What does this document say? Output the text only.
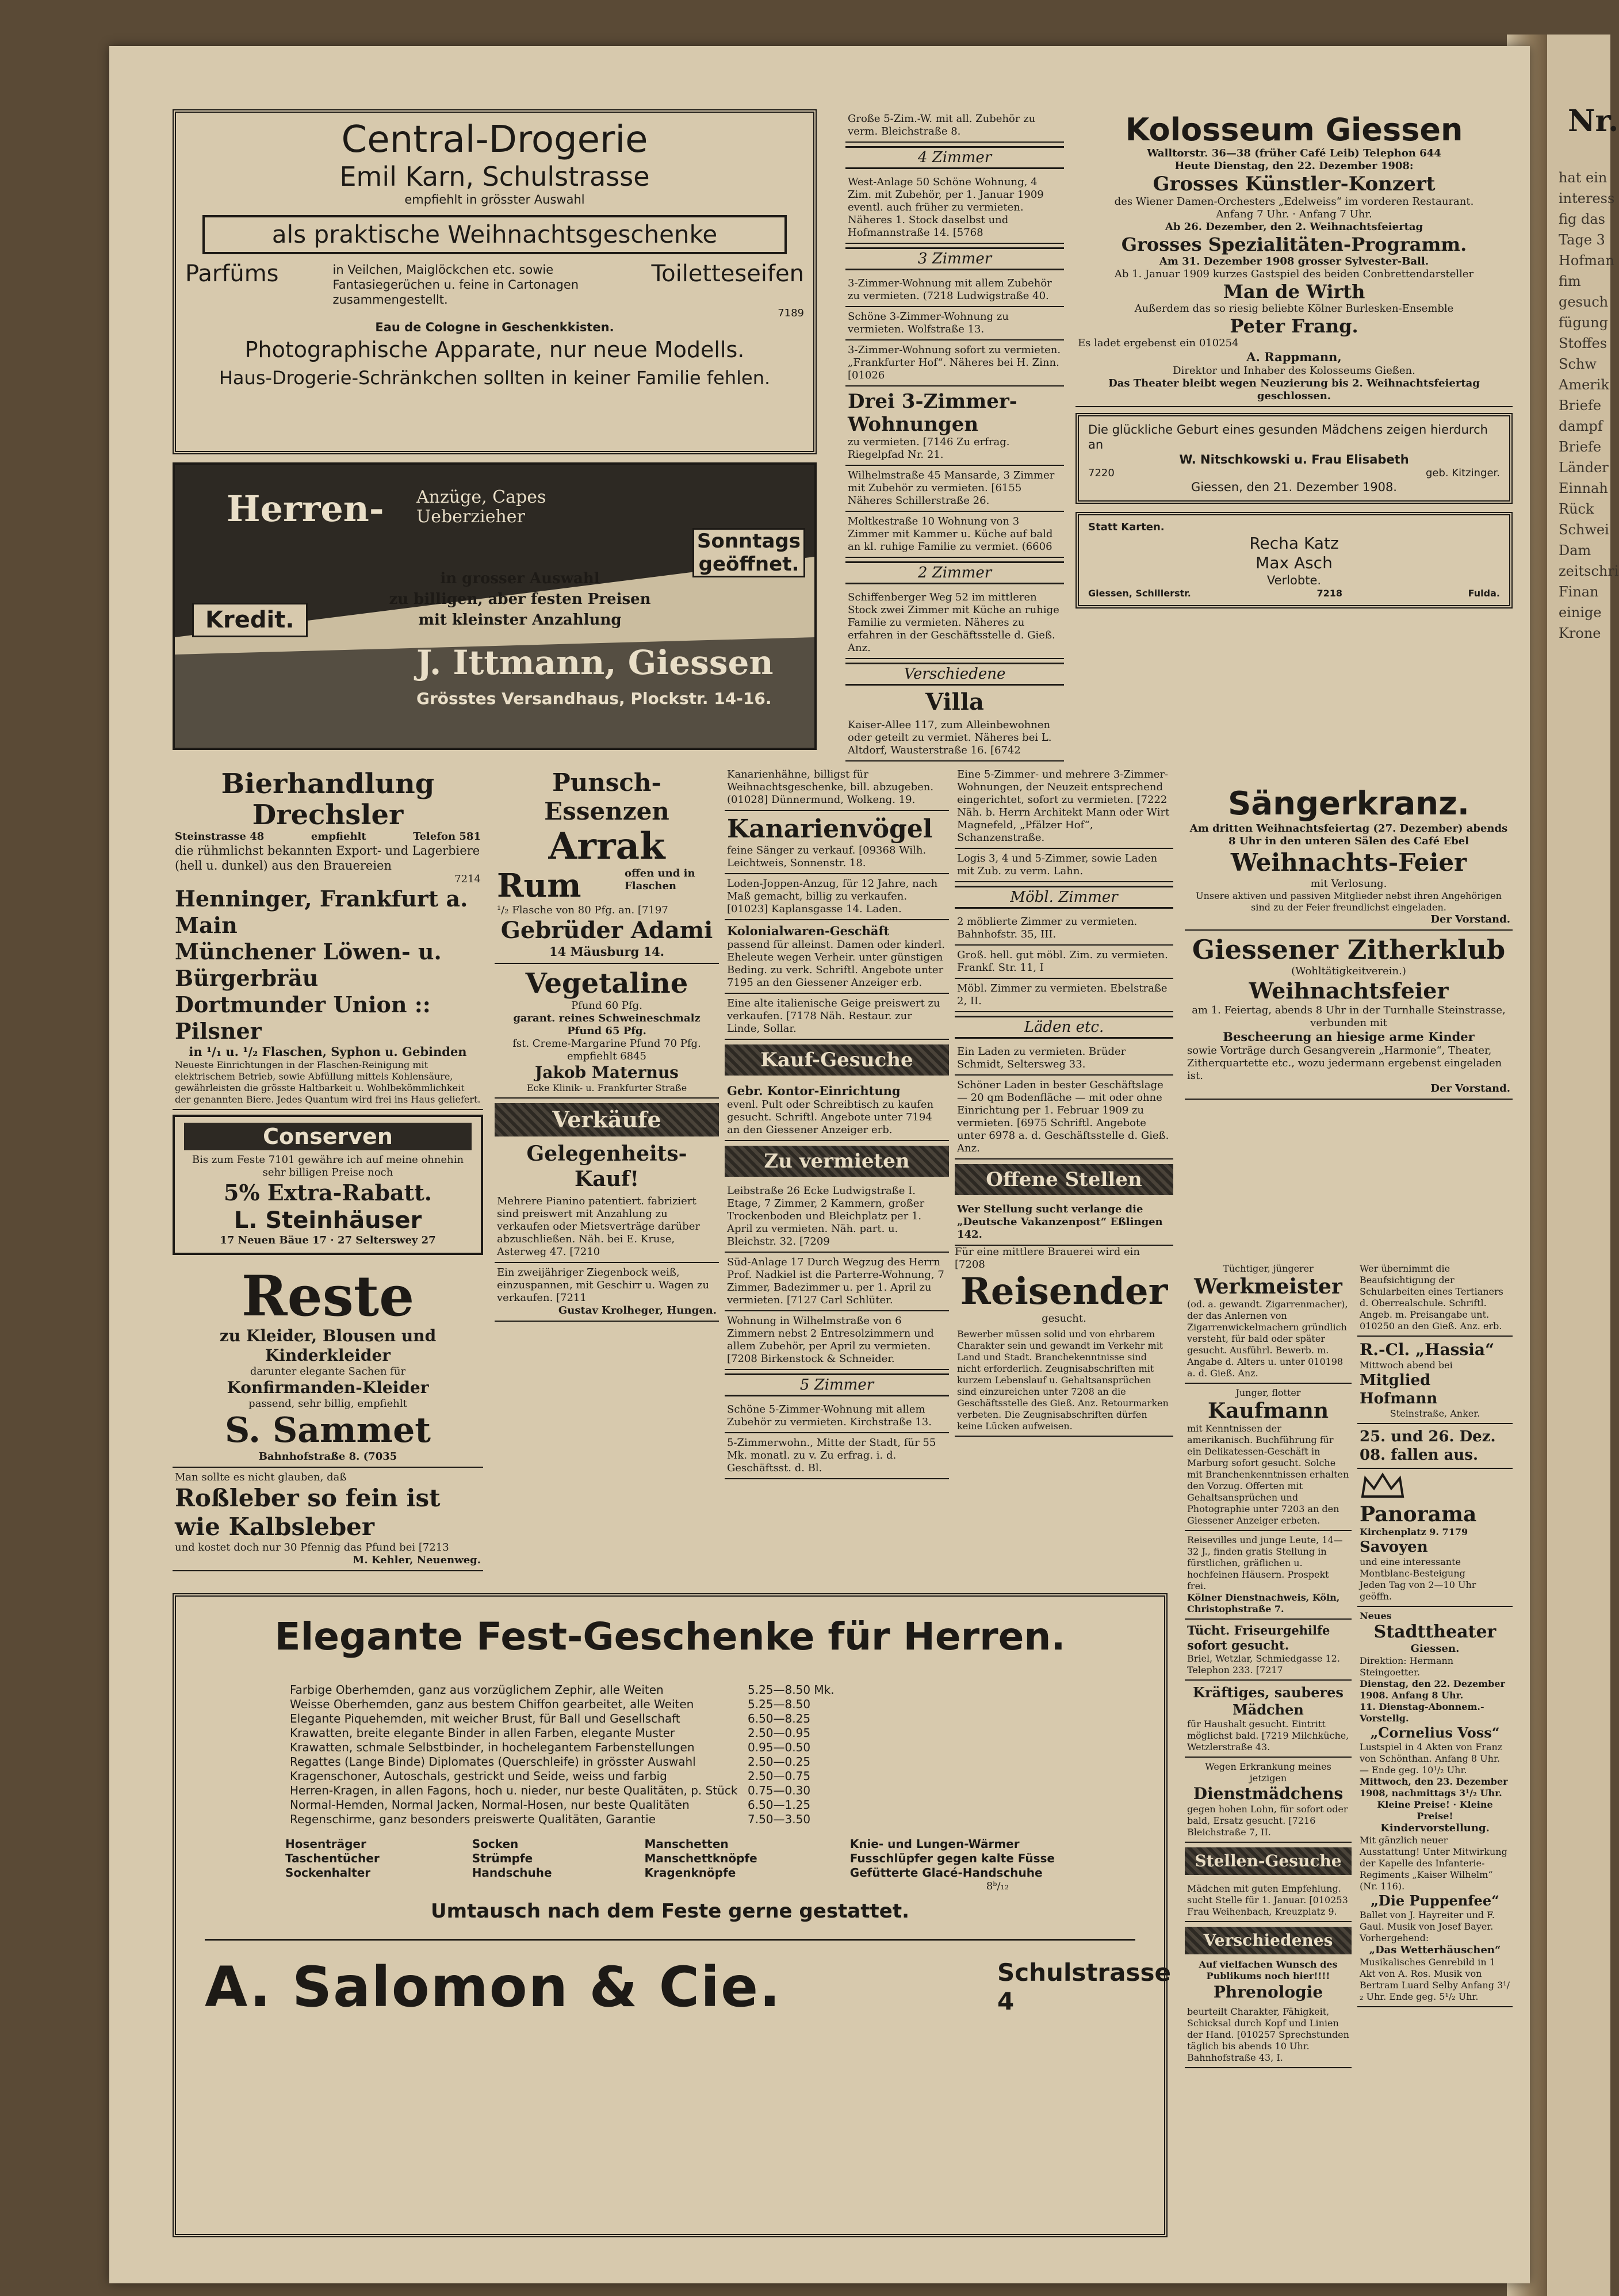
Nr.
hat ein
interess
fig das
Tage 3
Hofman
fim
gesuch
fügung
Stoffes
Schw
Amerik
Briefe
dampf
Briefe
Länder
Einnah
Rück
Schwei
Dam
zeitschri
Finan
einige
Krone
Central-Drogerie
Emil Karn, Schulstrasse
empfiehlt in grösster Auswahl
als praktische Weihnachtsgeschenke
Parfüms	in Veilchen, Maiglöckchen etc. sowie Fantasiegerüchen u. feine in Cartonagen zusammengestellt.
Toiletteseifen
7189
Eau de Cologne in Geschenkkisten.
Photographische Apparate, nur neue Modells.
Haus-Drogerie-Schränkchen sollten in keiner Familie fehlen.
Herren- Anzüge, Capes Ueberzieher
Sonntags geöffnet.
in grosser Auswahl
zu billigen, aber festen Preisen
mit kleinster Anzahlung
Kredit.
J. Ittmann, Giessen
Grösstes Versandhaus, Plockstr. 14-16.
Bierhandlung Drechsler
Steinstrasse 48	empfiehlt	Telefon 581
die rühmlichst bekannten Export- und Lagerbiere (hell u. dunkel) aus den Brauereien
7214
Henninger, Frankfurt a. Main
Münchener Löwen- u. Bürgerbräu
Dortmunder Union :: Pilsner
in ¹/₁ u. ¹/₂ Flaschen, Syphon u. Gebinden
Neueste Einrichtungen in der Flaschen-Reinigung mit elektrischem Betrieb, sowie Abfüllung mittels Kohlensäure, gewährleisten die grösste Haltbarkeit u. Wohlbekömmlichkeit der genannten Biere. Jedes Quantum wird frei ins Haus geliefert.
Conserven
Bis zum Feste 7101 gewähre ich auf meine ohnehin sehr billigen Preise noch
5% Extra-Rabatt.
L. Steinhäuser
17 Neuen Bäue 17 · 27 Selterswey 27
Reste
zu Kleider, Blousen und Kinderkleider
darunter elegante Sachen für
Konfirmanden-Kleider
passend, sehr billig, empfiehlt
S. Sammet
Bahnhofstraße 8. (7035
Man sollte es nicht glauben, daß
Roßleber so fein ist wie Kalbsleber
und kostet doch nur 30 Pfennig das Pfund bei [7213
M. Kehler, Neuenweg.
Punsch-Essenzen
Arrak
Rum	offen und in Flaschen
¹/₂ Flasche von 80 Pfg. an. [7197
Gebrüder Adami
14 Mäusburg 14.
Vegetaline
Pfund 60 Pfg.
garant. reines Schweineschmalz Pfund 65 Pfg.
fst. Creme-Margarine Pfund 70 Pfg.
empfiehlt 6845
Jakob Maternus
Ecke Klinik- u. Frankfurter Straße
Verkäufe
Gelegenheits-Kauf!
Mehrere Pianino patentiert. fabriziert sind preiswert mit Anzahlung zu verkaufen oder Mietsverträge darüber abzuschließen. Näh. bei E. Kruse, Asterweg 47. [7210
Ein zweijähriger Ziegenbock weiß, einzuspannen, mit Geschirr u. Wagen zu verkaufen. [7211
Gustav Krolheger, Hungen.
Kanarienhähne, billigst für Weihnachtsgeschenke, bill. abzugeben. (01028] Dünnermund, Wolkeng. 19.
Kanarienvögel
feine Sänger zu verkauf. [09368 Wilh. Leichtweis, Sonnenstr. 18.
Loden-Joppen-Anzug, für 12 Jahre, nach Maß gemacht, billig zu verkaufen. [01023] Kaplansgasse 14. Laden.
Kolonialwaren-Geschäft
passend für alleinst. Damen oder kinderl. Eheleute wegen Verheir. unter günstigen Beding. zu verk. Schriftl. Angebote unter 7195 an den Giessener Anzeiger erb.
Eine alte italienische Geige preiswert zu verkaufen. [7178 Näh. Restaur. zur Linde, Sollar.
Kauf-Gesuche
Gebr. Kontor-Einrichtung
evenl. Pult oder Schreibtisch zu kaufen gesucht. Schriftl. Angebote unter 7194 an den Giessener Anzeiger erb.
Zu vermieten
Leibstraße 26 Ecke Ludwigstraße I. Etage, 7 Zimmer, 2 Kammern, großer Trockenboden und Bleichplatz per 1. April zu vermieten. Näh. part. u. Bleichstr. 32. [7209
Süd-Anlage 17 Durch Wegzug des Herrn Prof. Nadkiel ist die Parterre-Wohnung, 7 Zimmer, Badezimmer u. per 1. April zu vermieten. [7127 Carl Schlüter.
Wohnung in Wilhelmstraße von 6 Zimmern nebst 2 Entresolzimmern und allem Zubehör, per April zu vermieten. [7208 Birkenstock & Schneider.
5 Zimmer
Schöne 5-Zimmer-Wohnung mit allem Zubehör zu vermieten. Kirchstraße 13.
5-Zimmerwohn., Mitte der Stadt, für 55 Mk. monatl. zu v. Zu erfrag. i. d. Geschäftsst. d. Bl.
Große 5-Zim.-W. mit all. Zubehör zu verm. Bleichstraße 8.
4 Zimmer
West-Anlage 50 Schöne Wohnung, 4 Zim. mit Zubehör, per 1. Januar 1909 eventl. auch früher zu vermieten. Näheres 1. Stock daselbst und Hofmannstraße 14. [5768
3 Zimmer
3-Zimmer-Wohnung mit allem Zubehör zu vermieten. (7218 Ludwigstraße 40.
Schöne 3-Zimmer-Wohnung zu vermieten. Wolfstraße 13.
3-Zimmer-Wohnung sofort zu vermieten. „Frankfurter Hof“. Näheres bei H. Zinn. [01026
Drei 3-Zimmer-Wohnungen
zu vermieten. [7146 Zu erfrag. Riegelpfad Nr. 21.
Wilhelmstraße 45 Mansarde, 3 Zimmer mit Zubehör zu vermieten. [6155 Näheres Schillerstraße 26.
Moltkestraße 10 Wohnung von 3 Zimmer mit Kammer u. Küche auf bald an kl. ruhige Familie zu vermiet. (6606
2 Zimmer
Schiffenberger Weg 52 im mittleren Stock zwei Zimmer mit Küche an ruhige Familie zu vermieten. Näheres zu erfahren in der Geschäftsstelle d. Gieß. Anz.
Verschiedene
Villa
Kaiser-Allee 117, zum Alleinbewohnen oder geteilt zu vermiet. Näheres bei L. Altdorf, Wausterstraße 16. [6742
Eine 5-Zimmer- und mehrere 3-Zimmer-Wohnungen, der Neuzeit entsprechend eingerichtet, sofort zu vermieten. [7222 Näh. b. Herrn Architekt Mann oder Wirt Magnefeld, „Pfälzer Hof“, Schanzenstraße.
Logis 3, 4 und 5-Zimmer, sowie Laden mit Zub. zu verm. Lahn.
Möbl. Zimmer
2 möblierte Zimmer zu vermieten. Bahnhofstr. 35, III.
Groß. hell. gut möbl. Zim. zu vermieten. Frankf. Str. 11, I
Möbl. Zimmer zu vermieten. Ebelstraße 2, II.
Läden etc.
Ein Laden zu vermieten. Brüder Schmidt, Seltersweg 33.
Schöner Laden in bester Geschäftslage — 20 qm Bodenfläche — mit oder ohne Einrichtung per 1. Februar 1909 zu vermieten. [6975 Schriftl. Angebote unter 6978 a. d. Geschäftsstelle d. Gieß. Anz.
Offene Stellen
Wer Stellung sucht verlange die „Deutsche Vakanzenpost“ Eßlingen 142.
Für eine mittlere Brauerei wird ein [7208
Reisender
gesucht.
Bewerber müssen solid und von ehrbarem Charakter sein und gewandt im Verkehr mit Land und Stadt. Branchekenntnisse sind nicht erforderlich. Zeugnisabschriften mit kurzem Lebenslauf u. Gehaltsansprüchen sind einzureichen unter 7208 an die Geschäftsstelle des Gieß. Anz. Retourmarken verbeten. Die Zeugnisabschriften dürfen keine Lücken aufweisen.
Kolosseum Giessen
Walltorstr. 36—38 (früher Café Leib) Telephon 644
Heute Dienstag, den 22. Dezember 1908:
Grosses Künstler-Konzert
des Wiener Damen-Orchesters „Edelweiss“ im vorderen Restaurant.
Anfang 7 Uhr. · Anfang 7 Uhr.
Ab 26. Dezember, den 2. Weihnachtsfeiertag
Grosses Spezialitäten-Programm.
Am 31. Dezember 1908 grosser Sylvester-Ball.
Ab 1. Januar 1909 kurzes Gastspiel des beiden Conbrettendarsteller
Man de Wirth
Außerdem das so riesig beliebte Kölner Burlesken-Ensemble
Peter Frang.
Es ladet ergebenst ein 010254
A. Rappmann,
Direktor und Inhaber des Kolosseums Gießen.
Das Theater bleibt wegen Neuzierung bis 2. Weihnachtsfeiertag geschlossen.
Die glückliche Geburt eines gesunden Mädchens zeigen hierdurch an
W. Nitschkowski u. Frau Elisabeth
7220	geb. Kitzinger.
Giessen, den 21. Dezember 1908.
Statt Karten.
Recha Katz
Max Asch
Verlobte.
Giessen, Schillerstr.	7218	Fulda.
Sängerkranz.
Am dritten Weihnachtsfeiertag (27. Dezember) abends 8 Uhr in den unteren Sälen des Café Ebel
Weihnachts-Feier
mit Verlosung.
Unsere aktiven und passiven Mitglieder nebst ihren Angehörigen sind zu der Feier freundlichst eingeladen.
Der Vorstand.
Giessener Zitherklub
(Wohltätigkeitverein.)
Weihnachtsfeier
am 1. Feiertag, abends 8 Uhr in der Turnhalle Steinstrasse, verbunden mit
Bescheerung an hiesige arme Kinder
sowie Vorträge durch Gesangverein „Harmonie“, Theater, Zitherquartette etc., wozu jedermann ergebenst eingeladen ist.
Der Vorstand.
Tüchtiger, jüngerer
Werkmeister
(od. a. gewandt. Zigarrenmacher), der das Anlernen von Zigarrenwickelmachern gründlich versteht, für bald oder später gesucht. Ausführl. Bewerb. m. Angabe d. Alters u. unter 010198 a. d. Gieß. Anz.
Junger, flotter
Kaufmann
mit Kenntnissen der amerikanisch. Buchführung für ein Delikatessen-Geschäft in Marburg sofort gesucht. Solche mit Branchenkenntnissen erhalten den Vorzug. Offerten mit Gehaltsansprüchen und Photographie unter 7203 an den Giessener Anzeiger erbeten.
Reisevilles und junge Leute, 14—32 J., finden gratis Stellung in fürstlichen, gräflichen u. hochfeinen Häusern. Prospekt frei.
Kölner Dienstnachweis, Köln, Christophstraße 7.
Tücht. Friseurgehilfe sofort gesucht.
Briel, Wetzlar, Schmiedgasse 12. Telephon 233. [7217
Kräftiges, sauberes Mädchen
für Haushalt gesucht. Eintritt möglichst bald. [7219 Milchküche, Wetzlerstraße 43.
Wegen Erkrankung meines jetzigen
Dienstmädchens
gegen hohen Lohn, für sofort oder bald, Ersatz gesucht. [7216 Bleichstraße 7, II.
Stellen-Gesuche
Mädchen mit guten Empfehlung. sucht Stelle für 1. Januar. [010253 Frau Weihenbach, Kreuzplatz 9.
Verschiedenes
Auf vielfachen Wunsch des Publikums noch hier!!!!
Phrenologie
beurteilt Charakter, Fähigkeit, Schicksal durch Kopf und Linien der Hand. [010257 Sprechstunden täglich bis abends 10 Uhr. Bahnhofstraße 43, I.
Wer übernimmt die Beaufsichtigung der Schularbeiten eines Tertianers d. Oberrealschule. Schriftl. Angeb. m. Preisangabe unt. 010250 an den Gieß. Anz. erb.
R.-Cl. „Hassia“
Mittwoch abend bei
Mitglied Hofmann
Steinstraße, Anker.
25. und 26. Dez. 08. fallen aus.
Panorama
Kirchenplatz 9. 7179
Savoyen
und eine interessante Montblanc-Besteigung
Jeden Tag von 2—10 Uhr geöffn.
Neues
Stadttheater
Giessen.
Direktion: Hermann Steingoetter.
Dienstag, den 22. Dezember 1908. Anfang 8 Uhr.
11. Dienstag-Abonnem.-Vorstellg.
„Cornelius Voss“
Lustspiel in 4 Akten von Franz von Schönthan. Anfang 8 Uhr. — Ende geg. 10¹/₂ Uhr.
Mittwoch, den 23. Dezember 1908, nachmittags 3¹/₂ Uhr.
Kleine Preise! · Kleine Preise!
Kindervorstellung.
Mit gänzlich neuer Ausstattung! Unter Mitwirkung der Kapelle des Infanterie-Regiments „Kaiser Wilhelm“ (Nr. 116).
„Die Puppenfee“
Ballet von J. Hayreiter und F. Gaul. Musik von Josef Bayer. Vorhergehend:
„Das Wetterhäuschen“
Musikalisches Genrebild in 1 Akt von A. Ros. Musik von Bertram Luard Selby Anfang 3¹/₂ Uhr. Ende geg. 5¹/₂ Uhr.
Elegante Fest-Geschenke für Herren.
Farbige Oberhemden, ganz aus vorzüglichem Zephir, alle Weiten	5.25—8.50 Mk.
Weisse Oberhemden, ganz aus bestem Chiffon gearbeitet, alle Weiten	5.25—8.50
Elegante Piquehemden, mit weicher Brust, für Ball und Gesellschaft	6.50—8.25
Krawatten, breite elegante Binder in allen Farben, elegante Muster	2.50—0.95
Krawatten, schmale Selbstbinder, in hochelegantem Farbenstellungen	0.95—0.50
Regattes (Lange Binde) Diplomates (Querschleife) in grösster Auswahl	2.50—0.25
Kragenschoner, Autoschals, gestrickt und Seide, weiss und farbig	2.50—0.75
Herren-Kragen, in allen Fagons, hoch u. nieder, nur beste Qualitäten, p. Stück	0.75—0.30
Normal-Hemden, Normal Jacken, Normal-Hosen, nur beste Qualitäten	6.50—1.25
Regenschirme, ganz besonders preiswerte Qualitäten, Garantie	7.50—3.50
Hosenträger
Taschentücher
Sockenhalter
Socken
Strümpfe
Handschuhe
Manschetten
Manschettknöpfe
Kragenknöpfe
Knie- und Lungen-Wärmer
Fusschlüpfer gegen kalte Füsse
Gefütterte Glacé-Handschuhe
8ᵇ/₁₂
Umtausch nach dem Feste gerne gestattet.
A. Salomon & Cie.	Schulstrasse 4
